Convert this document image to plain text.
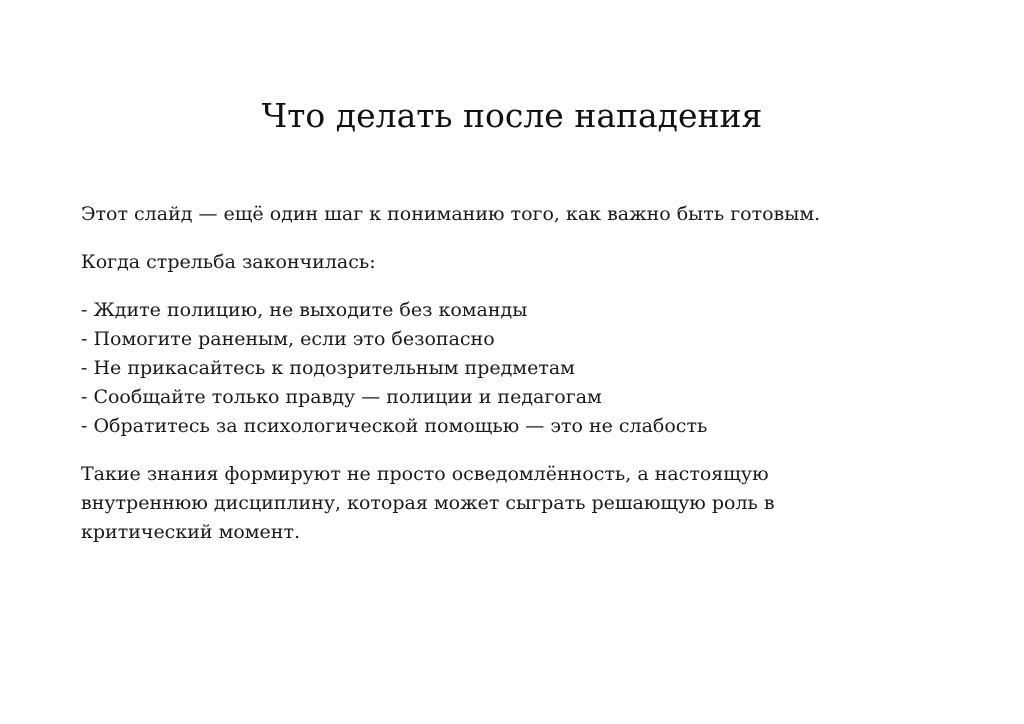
Что делать после нападения

Этот слайд — ещё один шаг к пониманию того, как важно быть готовым.

Когда стрельба закончилась:

- Ждите полицию, не выходите без команды
- Помогите раненым, если это безопасно
- Не прикасайтесь к подозрительным предметам
- Сообщайте только правду — полиции и педагогам
- Обратитесь за психологической помощью — это не слабость

Такие знания формируют не просто осведомлённость, а настоящую внутреннюю дисциплину, которая может сыграть решающую роль в критический момент.
